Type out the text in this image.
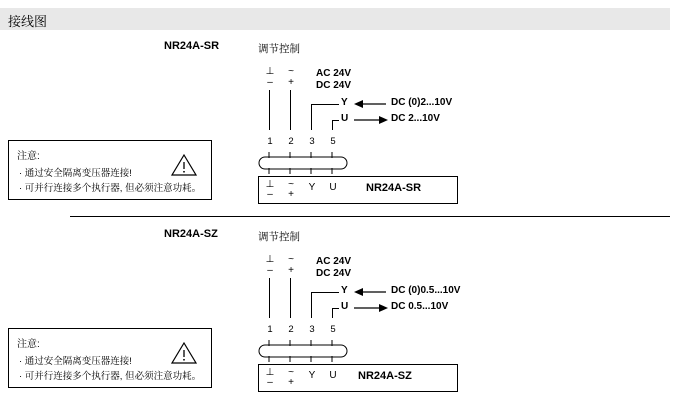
接线图
NR24A-SR	调节控制
⊥
–
~
+
AC 24V
DC 24V
Y	DC (0)2...10V
U	DC 2...10V
1	2	3	5
⊥
–
~
+
Y	U	NR24A-SR
注意:
· 通过安全隔离变压器连接!
· 可并行连接多个执行器, 但必须注意功耗。
NR24A-SZ	调节控制
⊥
–
~
+
AC 24V
DC 24V
Y	DC (0)0.5...10V
U	DC 0.5...10V
1	2	3	5
⊥
–
~
+
Y	U	NR24A-SZ
注意:
· 通过安全隔离变压器连接!
· 可并行连接多个执行器, 但必须注意功耗。
